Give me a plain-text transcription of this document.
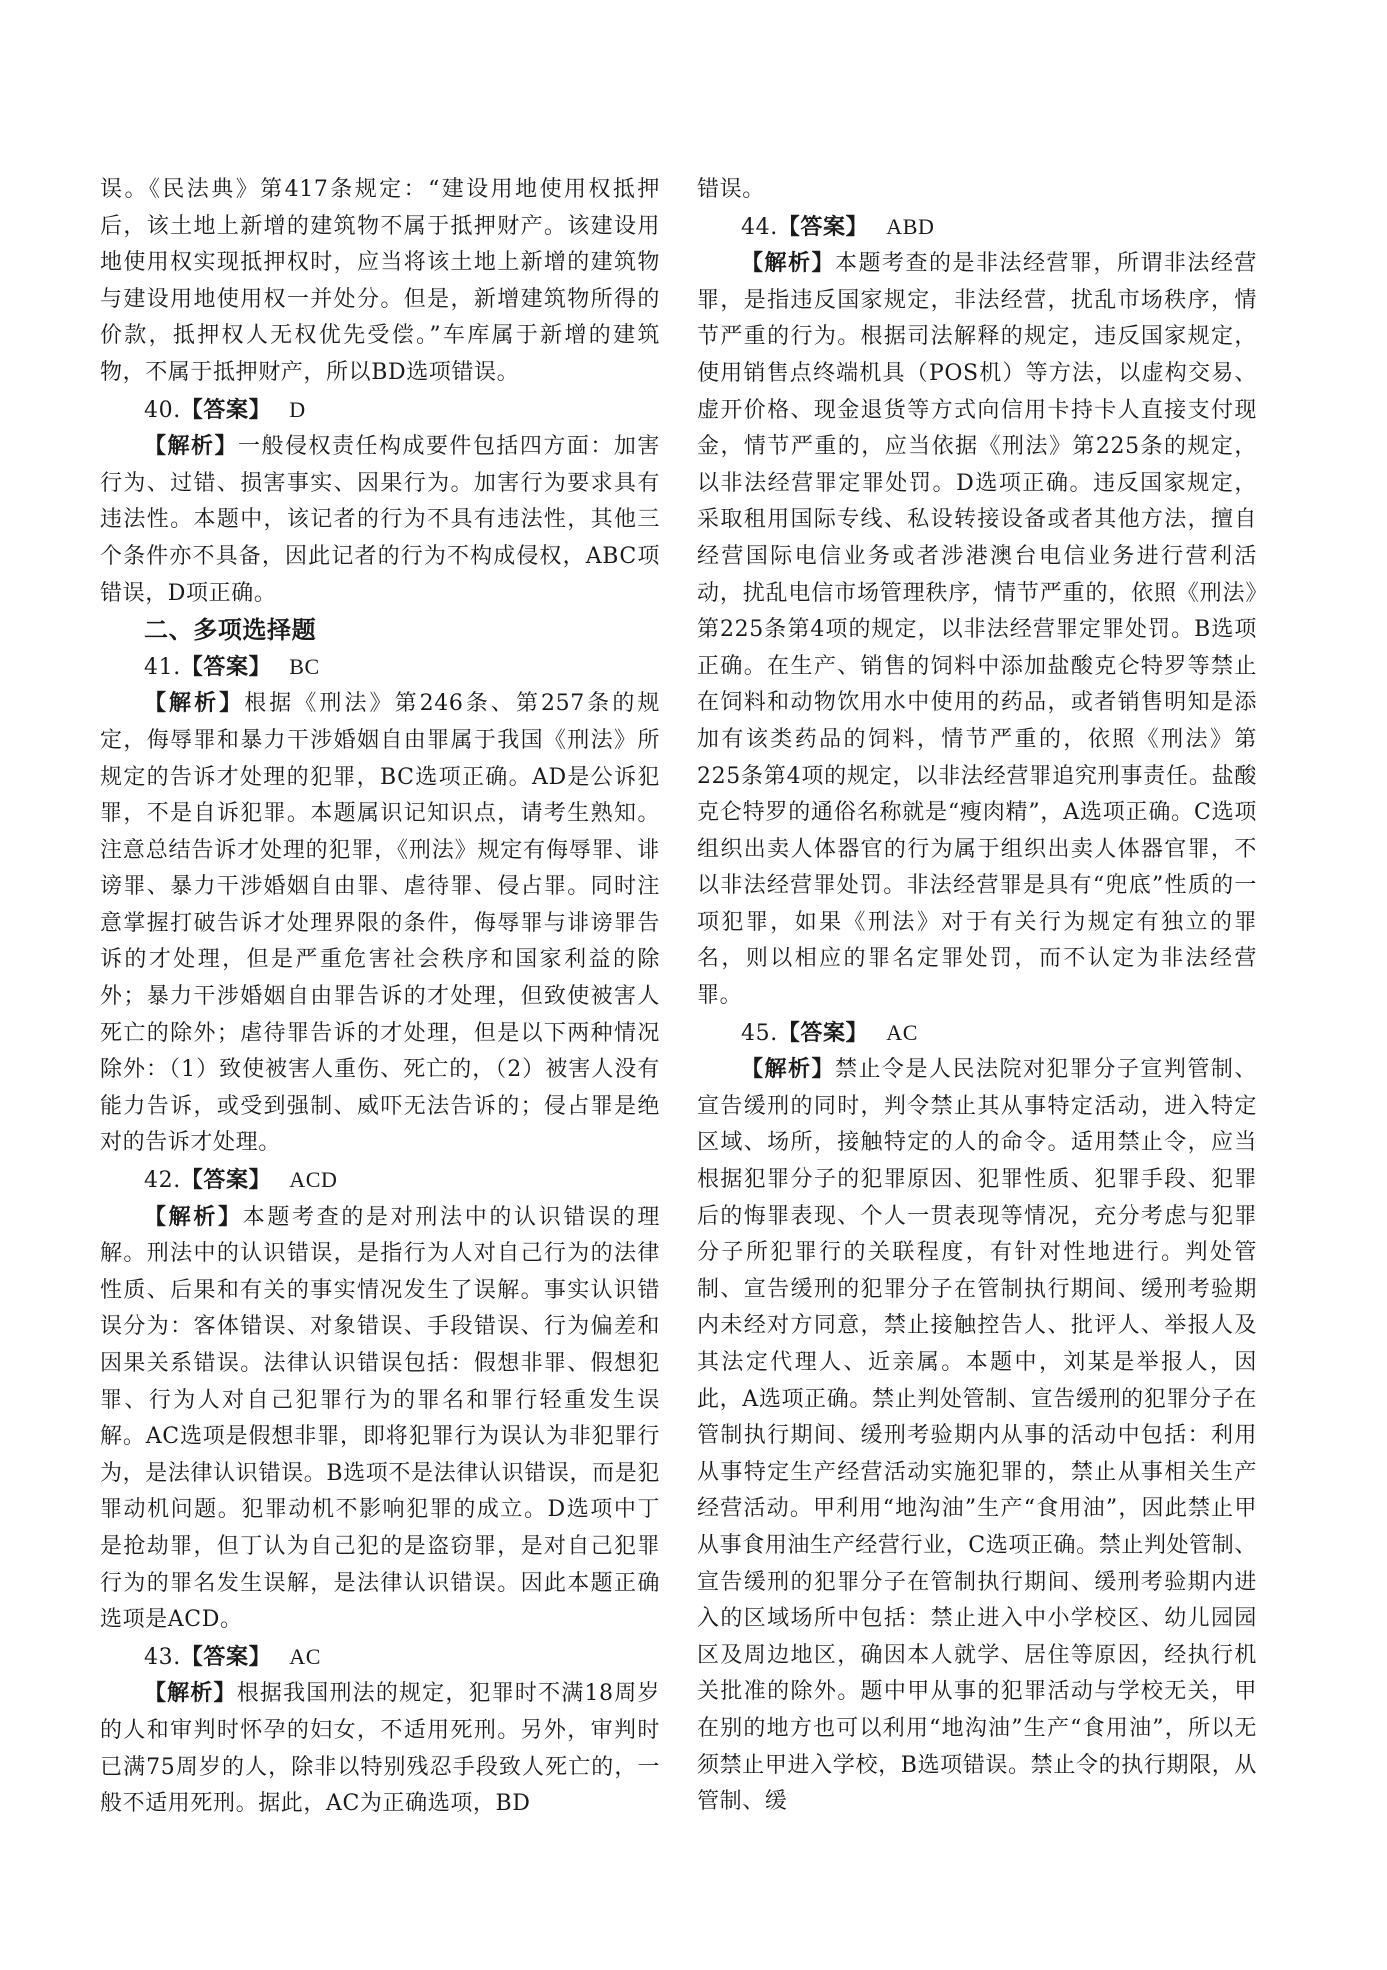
误。《民法典》第417条规定：“建设用地使用权抵押后，该土地上新增的建筑物不属于抵押财产。该建设用地使用权实现抵押权时，应当将该土地上新增的建筑物与建设用地使用权一并处分。但是，新增建筑物所得的价款，抵押权人无权优先受偿。”车库属于新增的建筑物，不属于抵押财产，所以BD选项错误。

40.【答案】 D

【解析】一般侵权责任构成要件包括四方面：加害行为、过错、损害事实、因果行为。加害行为要求具有违法性。本题中，该记者的行为不具有违法性，其他三个条件亦不具备，因此记者的行为不构成侵权，ABC项错误，D项正确。

二、多项选择题

41.【答案】 BC

【解析】根据《刑法》第246条、第257条的规定，侮辱罪和暴力干涉婚姻自由罪属于我国《刑法》所规定的告诉才处理的犯罪，BC选项正确。AD是公诉犯罪，不是自诉犯罪。本题属识记知识点，请考生熟知。注意总结告诉才处理的犯罪，《刑法》规定有侮辱罪、诽谤罪、暴力干涉婚姻自由罪、虐待罪、侵占罪。同时注意掌握打破告诉才处理界限的条件，侮辱罪与诽谤罪告诉的才处理，但是严重危害社会秩序和国家利益的除外；暴力干涉婚姻自由罪告诉的才处理，但致使被害人死亡的除外；虐待罪告诉的才处理，但是以下两种情况除外：（1）致使被害人重伤、死亡的，（2）被害人没有能力告诉，或受到强制、威吓无法告诉的；侵占罪是绝对的告诉才处理。

42.【答案】 ACD

【解析】本题考查的是对刑法中的认识错误的理解。刑法中的认识错误，是指行为人对自己行为的法律性质、后果和有关的事实情况发生了误解。事实认识错误分为：客体错误、对象错误、手段错误、行为偏差和因果关系错误。法律认识错误包括：假想非罪、假想犯罪、行为人对自己犯罪行为的罪名和罪行轻重发生误解。AC选项是假想非罪，即将犯罪行为误认为非犯罪行为，是法律认识错误。B选项不是法律认识错误，而是犯罪动机问题。犯罪动机不影响犯罪的成立。D选项中丁是抢劫罪，但丁认为自己犯的是盗窃罪，是对自己犯罪行为的罪名发生误解，是法律认识错误。因此本题正确选项是ACD。

43.【答案】 AC

【解析】根据我国刑法的规定，犯罪时不满18周岁的人和审判时怀孕的妇女，不适用死刑。另外，审判时已满75周岁的人，除非以特别残忍手段致人死亡的，一般不适用死刑。据此，AC为正确选项，BD

错误。

44.【答案】 ABD

【解析】本题考查的是非法经营罪，所谓非法经营罪，是指违反国家规定，非法经营，扰乱市场秩序，情节严重的行为。根据司法解释的规定，违反国家规定，使用销售点终端机具（POS机）等方法，以虚构交易、虚开价格、现金退货等方式向信用卡持卡人直接支付现金，情节严重的，应当依据《刑法》第225条的规定，以非法经营罪定罪处罚。D选项正确。违反国家规定，采取租用国际专线、私设转接设备或者其他方法，擅自经营国际电信业务或者涉港澳台电信业务进行营利活动，扰乱电信市场管理秩序，情节严重的，依照《刑法》第225条第4项的规定，以非法经营罪定罪处罚。B选项正确。在生产、销售的饲料中添加盐酸克仑特罗等禁止在饲料和动物饮用水中使用的药品，或者销售明知是添加有该类药品的饲料，情节严重的，依照《刑法》第225条第4项的规定，以非法经营罪追究刑事责任。盐酸克仑特罗的通俗名称就是“瘦肉精”，A选项正确。C选项组织出卖人体器官的行为属于组织出卖人体器官罪，不以非法经营罪处罚。非法经营罪是具有“兜底”性质的一项犯罪，如果《刑法》对于有关行为规定有独立的罪名，则以相应的罪名定罪处罚，而不认定为非法经营罪。

45.【答案】 AC

【解析】禁止令是人民法院对犯罪分子宣判管制、宣告缓刑的同时，判令禁止其从事特定活动，进入特定区域、场所，接触特定的人的命令。适用禁止令，应当根据犯罪分子的犯罪原因、犯罪性质、犯罪手段、犯罪后的悔罪表现、个人一贯表现等情况，充分考虑与犯罪分子所犯罪行的关联程度，有针对性地进行。判处管制、宣告缓刑的犯罪分子在管制执行期间、缓刑考验期内未经对方同意，禁止接触控告人、批评人、举报人及其法定代理人、近亲属。本题中，刘某是举报人，因此，A选项正确。禁止判处管制、宣告缓刑的犯罪分子在管制执行期间、缓刑考验期内从事的活动中包括：利用从事特定生产经营活动实施犯罪的，禁止从事相关生产经营活动。甲利用“地沟油”生产“食用油”，因此禁止甲从事食用油生产经营行业，C选项正确。禁止判处管制、宣告缓刑的犯罪分子在管制执行期间、缓刑考验期内进入的区域场所中包括：禁止进入中小学校区、幼儿园园区及周边地区，确因本人就学、居住等原因，经执行机关批准的除外。题中甲从事的犯罪活动与学校无关，甲在别的地方也可以利用“地沟油”生产“食用油”，所以无须禁止甲进入学校，B选项错误。禁止令的执行期限，从管制、缓
